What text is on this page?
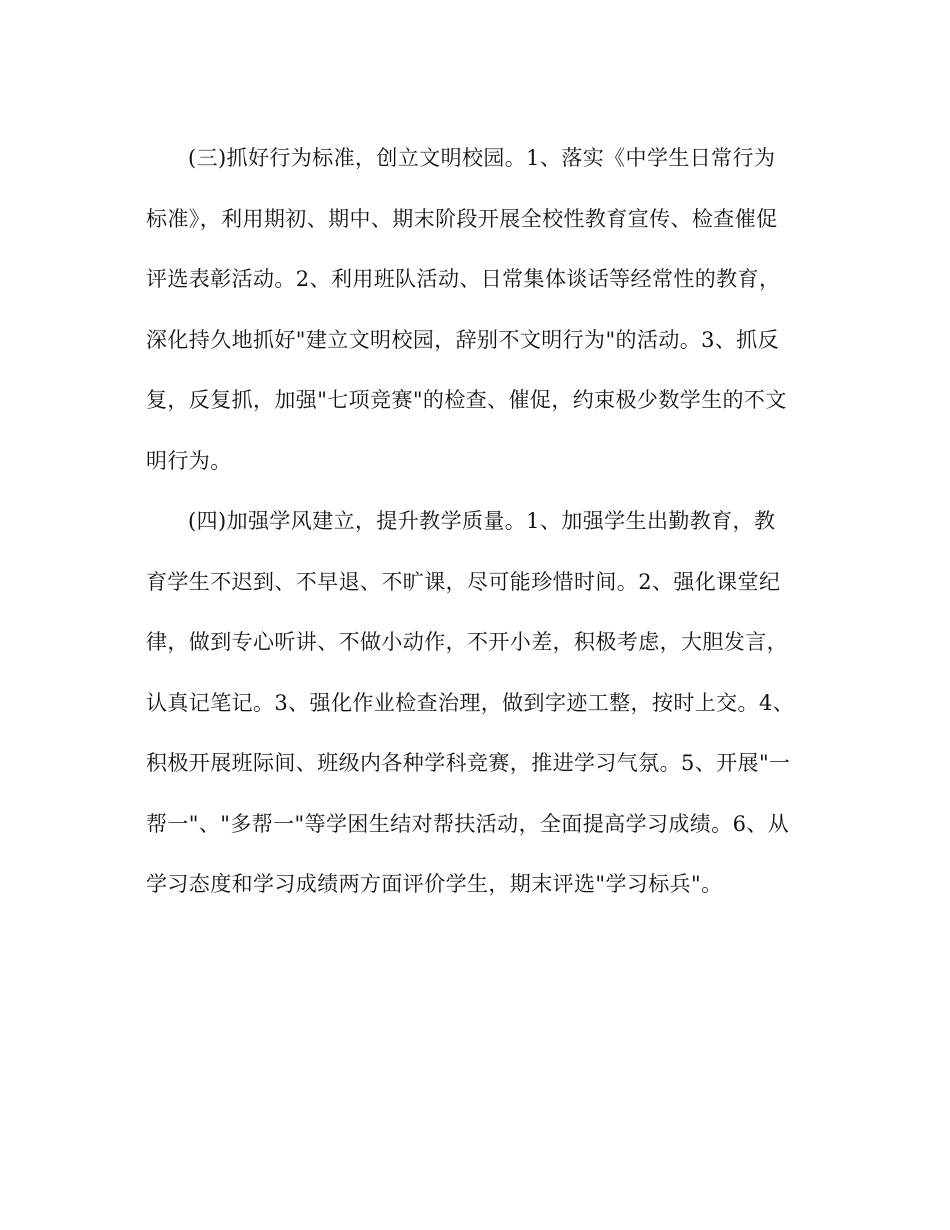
(三)抓好行为标准，创立文明校园。1、落实《中学生日常行为
标准》，利用期初、期中、期末阶段开展全校性教育宣传、检查催促
评选表彰活动。2、利用班队活动、日常集体谈话等经常性的教育，
深化持久地抓好"建立文明校园，辞别不文明行为"的活动。3、抓反
复，反复抓，加强"七项竞赛"的检查、催促，约束极少数学生的不文
明行为。

(四)加强学风建立，提升教学质量。1、加强学生出勤教育，教
育学生不迟到、不早退、不旷课，尽可能珍惜时间。2、强化课堂纪
律，做到专心听讲、不做小动作，不开小差，积极考虑，大胆发言，
认真记笔记。3、强化作业检查治理，做到字迹工整，按时上交。4、
积极开展班际间、班级内各种学科竞赛，推进学习气氛。5、开展"一
帮一"、"多帮一"等学困生结对帮扶活动，全面提高学习成绩。6、从
学习态度和学习成绩两方面评价学生，期末评选"学习标兵"。
